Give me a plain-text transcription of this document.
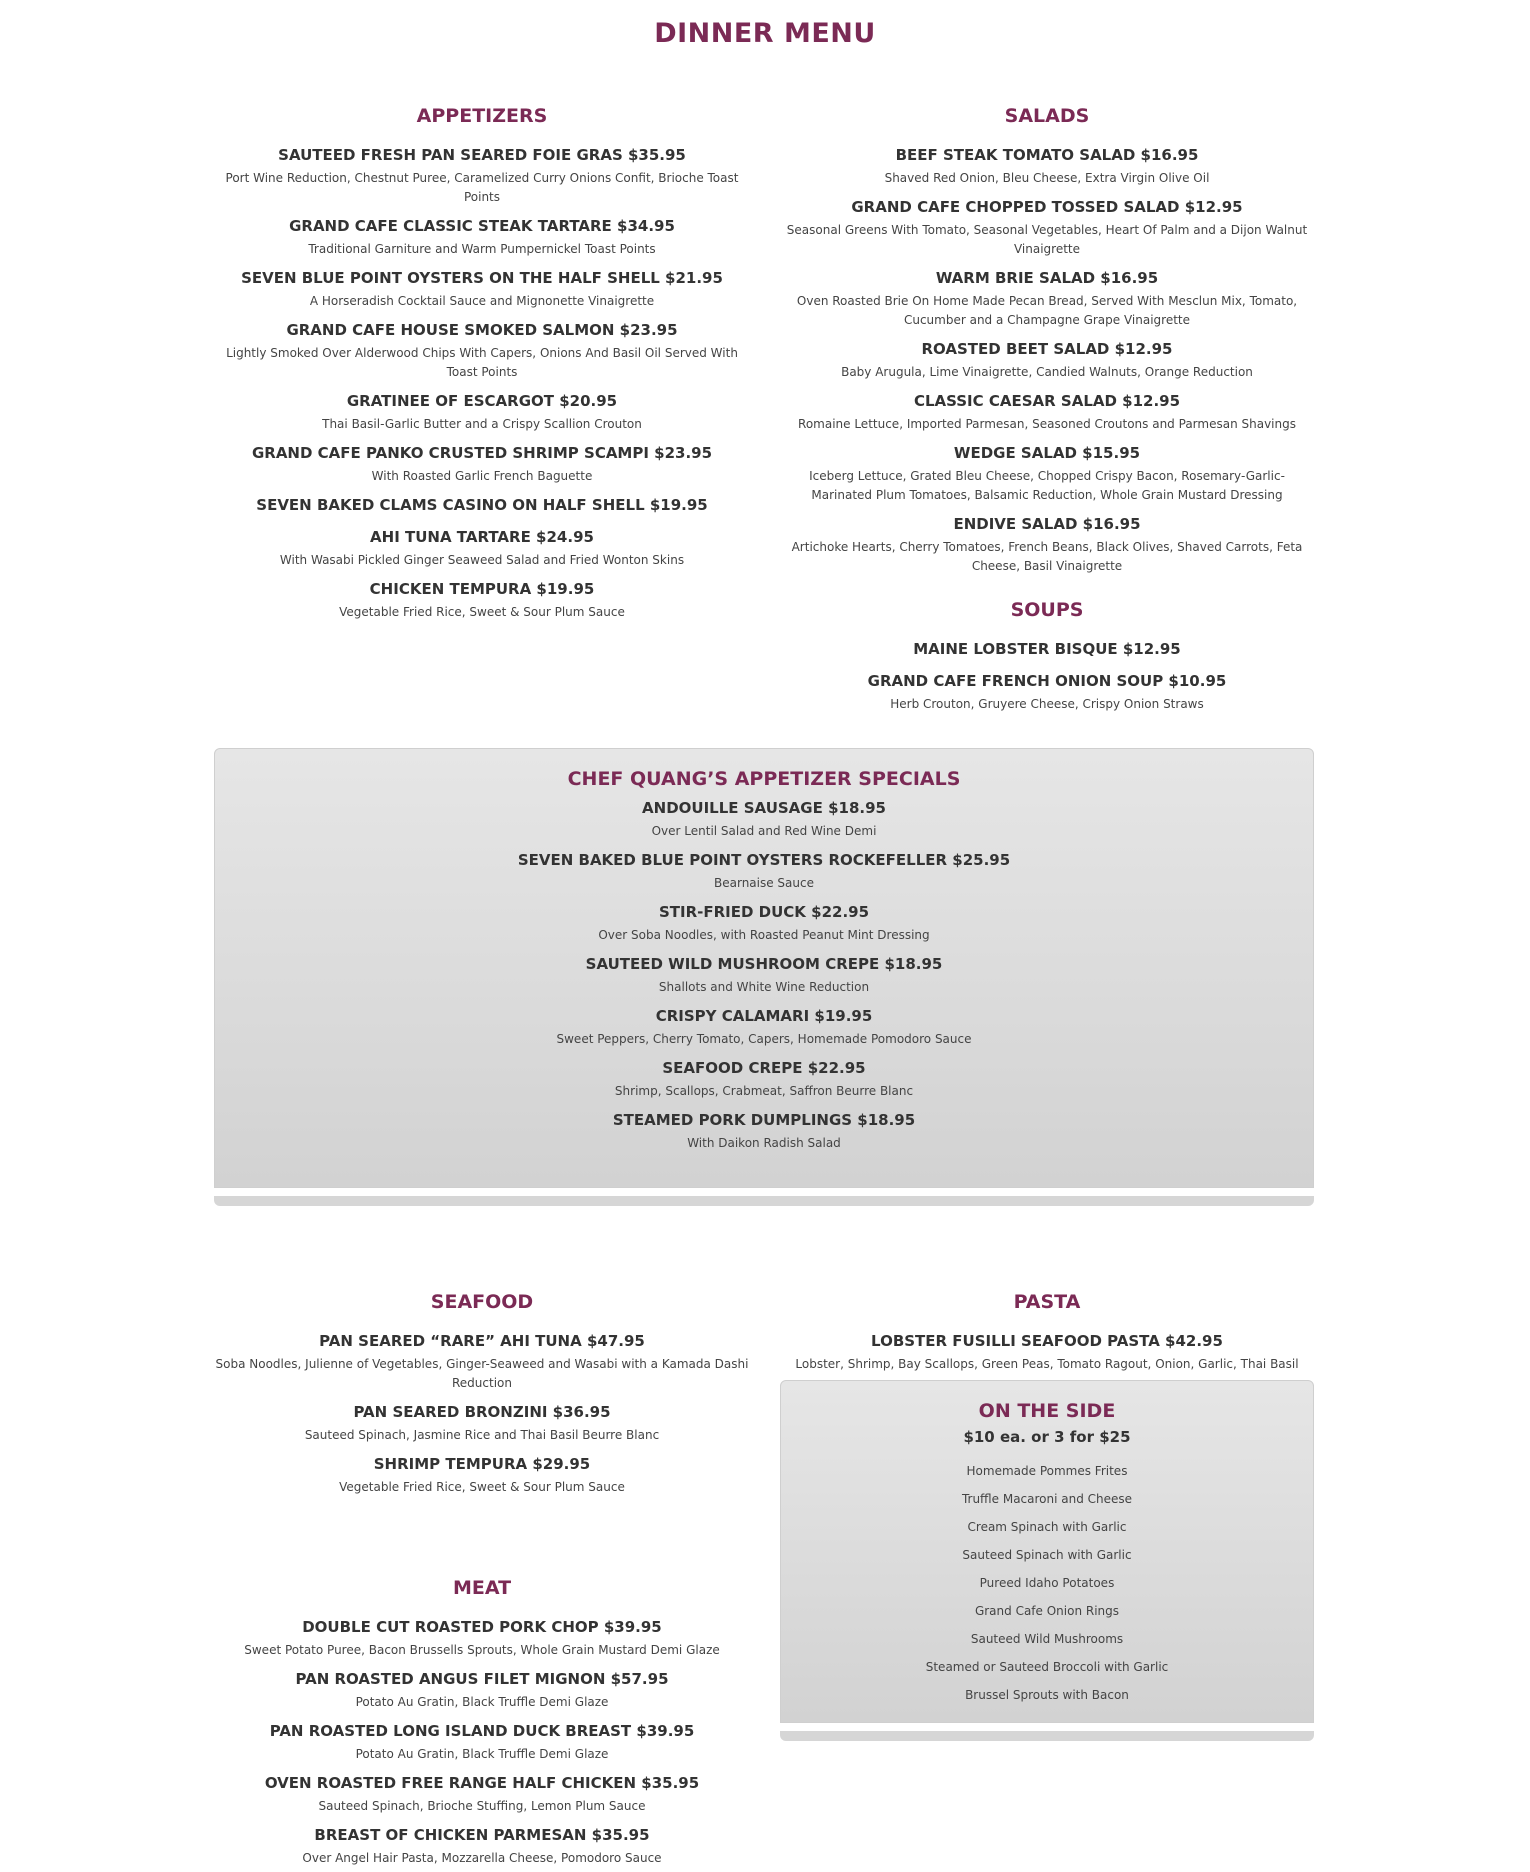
DINNER MENU
APPETIZERS
SAUTEED FRESH PAN SEARED FOIE GRAS $35.95
Port Wine Reduction, Chestnut Puree, Caramelized Curry Onions Confit, Brioche Toast Points
GRAND CAFE CLASSIC STEAK TARTARE $34.95
Traditional Garniture and Warm Pumpernickel Toast Points
SEVEN BLUE POINT OYSTERS ON THE HALF SHELL $21.95
A Horseradish Cocktail Sauce and Mignonette Vinaigrette
GRAND CAFE HOUSE SMOKED SALMON $23.95
Lightly Smoked Over Alderwood Chips With Capers, Onions And Basil Oil Served With Toast Points
GRATINEE OF ESCARGOT $20.95
Thai Basil-Garlic Butter and a Crispy Scallion Crouton
GRAND CAFE PANKO CRUSTED SHRIMP SCAMPI $23.95
With Roasted Garlic French Baguette
SEVEN BAKED CLAMS CASINO ON HALF SHELL $19.95
AHI TUNA TARTARE $24.95
With Wasabi Pickled Ginger Seaweed Salad and Fried Wonton Skins
CHICKEN TEMPURA $19.95
Vegetable Fried Rice, Sweet & Sour Plum Sauce
SALADS
BEEF STEAK TOMATO SALAD $16.95
Shaved Red Onion, Bleu Cheese, Extra Virgin Olive Oil
GRAND CAFE CHOPPED TOSSED SALAD $12.95
Seasonal Greens With Tomato, Seasonal Vegetables, Heart Of Palm and a Dijon Walnut Vinaigrette
WARM BRIE SALAD $16.95
Oven Roasted Brie On Home Made Pecan Bread, Served With Mesclun Mix, Tomato, Cucumber and a Champagne Grape Vinaigrette
ROASTED BEET SALAD $12.95
Baby Arugula, Lime Vinaigrette, Candied Walnuts, Orange Reduction
CLASSIC CAESAR SALAD $12.95
Romaine Lettuce, Imported Parmesan, Seasoned Croutons and Parmesan Shavings
WEDGE SALAD $15.95
Iceberg Lettuce, Grated Bleu Cheese, Chopped Crispy Bacon, Rosemary-Garlic-Marinated Plum Tomatoes, Balsamic Reduction, Whole Grain Mustard Dressing
ENDIVE SALAD $16.95
Artichoke Hearts, Cherry Tomatoes, French Beans, Black Olives, Shaved Carrots, Feta Cheese, Basil Vinaigrette
SOUPS
MAINE LOBSTER BISQUE $12.95
GRAND CAFE FRENCH ONION SOUP $10.95
Herb Crouton, Gruyere Cheese, Crispy Onion Straws
CHEF QUANG’S APPETIZER SPECIALS
ANDOUILLE SAUSAGE $18.95
Over Lentil Salad and Red Wine Demi
SEVEN BAKED BLUE POINT OYSTERS ROCKEFELLER $25.95
Bearnaise Sauce
STIR-FRIED DUCK $22.95
Over Soba Noodles, with Roasted Peanut Mint Dressing
SAUTEED WILD MUSHROOM CREPE $18.95
Shallots and White Wine Reduction
CRISPY CALAMARI $19.95
Sweet Peppers, Cherry Tomato, Capers, Homemade Pomodoro Sauce
SEAFOOD CREPE $22.95
Shrimp, Scallops, Crabmeat, Saffron Beurre Blanc
STEAMED PORK DUMPLINGS $18.95
With Daikon Radish Salad
SEAFOOD
PAN SEARED “RARE” AHI TUNA $47.95
Soba Noodles, Julienne of Vegetables, Ginger-Seaweed and Wasabi with a Kamada Dashi Reduction
PAN SEARED BRONZINI $36.95
Sauteed Spinach, Jasmine Rice and Thai Basil Beurre Blanc
SHRIMP TEMPURA $29.95
Vegetable Fried Rice, Sweet & Sour Plum Sauce
MEAT
DOUBLE CUT ROASTED PORK CHOP $39.95
Sweet Potato Puree, Bacon Brussells Sprouts, Whole Grain Mustard Demi Glaze
PAN ROASTED ANGUS FILET MIGNON $57.95
Potato Au Gratin, Black Truffle Demi Glaze
PAN ROASTED LONG ISLAND DUCK BREAST $39.95
Potato Au Gratin, Black Truffle Demi Glaze
OVEN ROASTED FREE RANGE HALF CHICKEN $35.95
Sauteed Spinach, Brioche Stuffing, Lemon Plum Sauce
BREAST OF CHICKEN PARMESAN $35.95
Over Angel Hair Pasta, Mozzarella Cheese, Pomodoro Sauce
PASTA
LOBSTER FUSILLI SEAFOOD PASTA $42.95
Lobster, Shrimp, Bay Scallops, Green Peas, Tomato Ragout, Onion, Garlic, Thai Basil
ON THE SIDE
$10 ea. or 3 for $25
Homemade Pommes Frites
Truffle Macaroni and Cheese
Cream Spinach with Garlic
Sauteed Spinach with Garlic
Pureed Idaho Potatoes
Grand Cafe Onion Rings
Sauteed Wild Mushrooms
Steamed or Sauteed Broccoli with Garlic
Brussel Sprouts with Bacon
